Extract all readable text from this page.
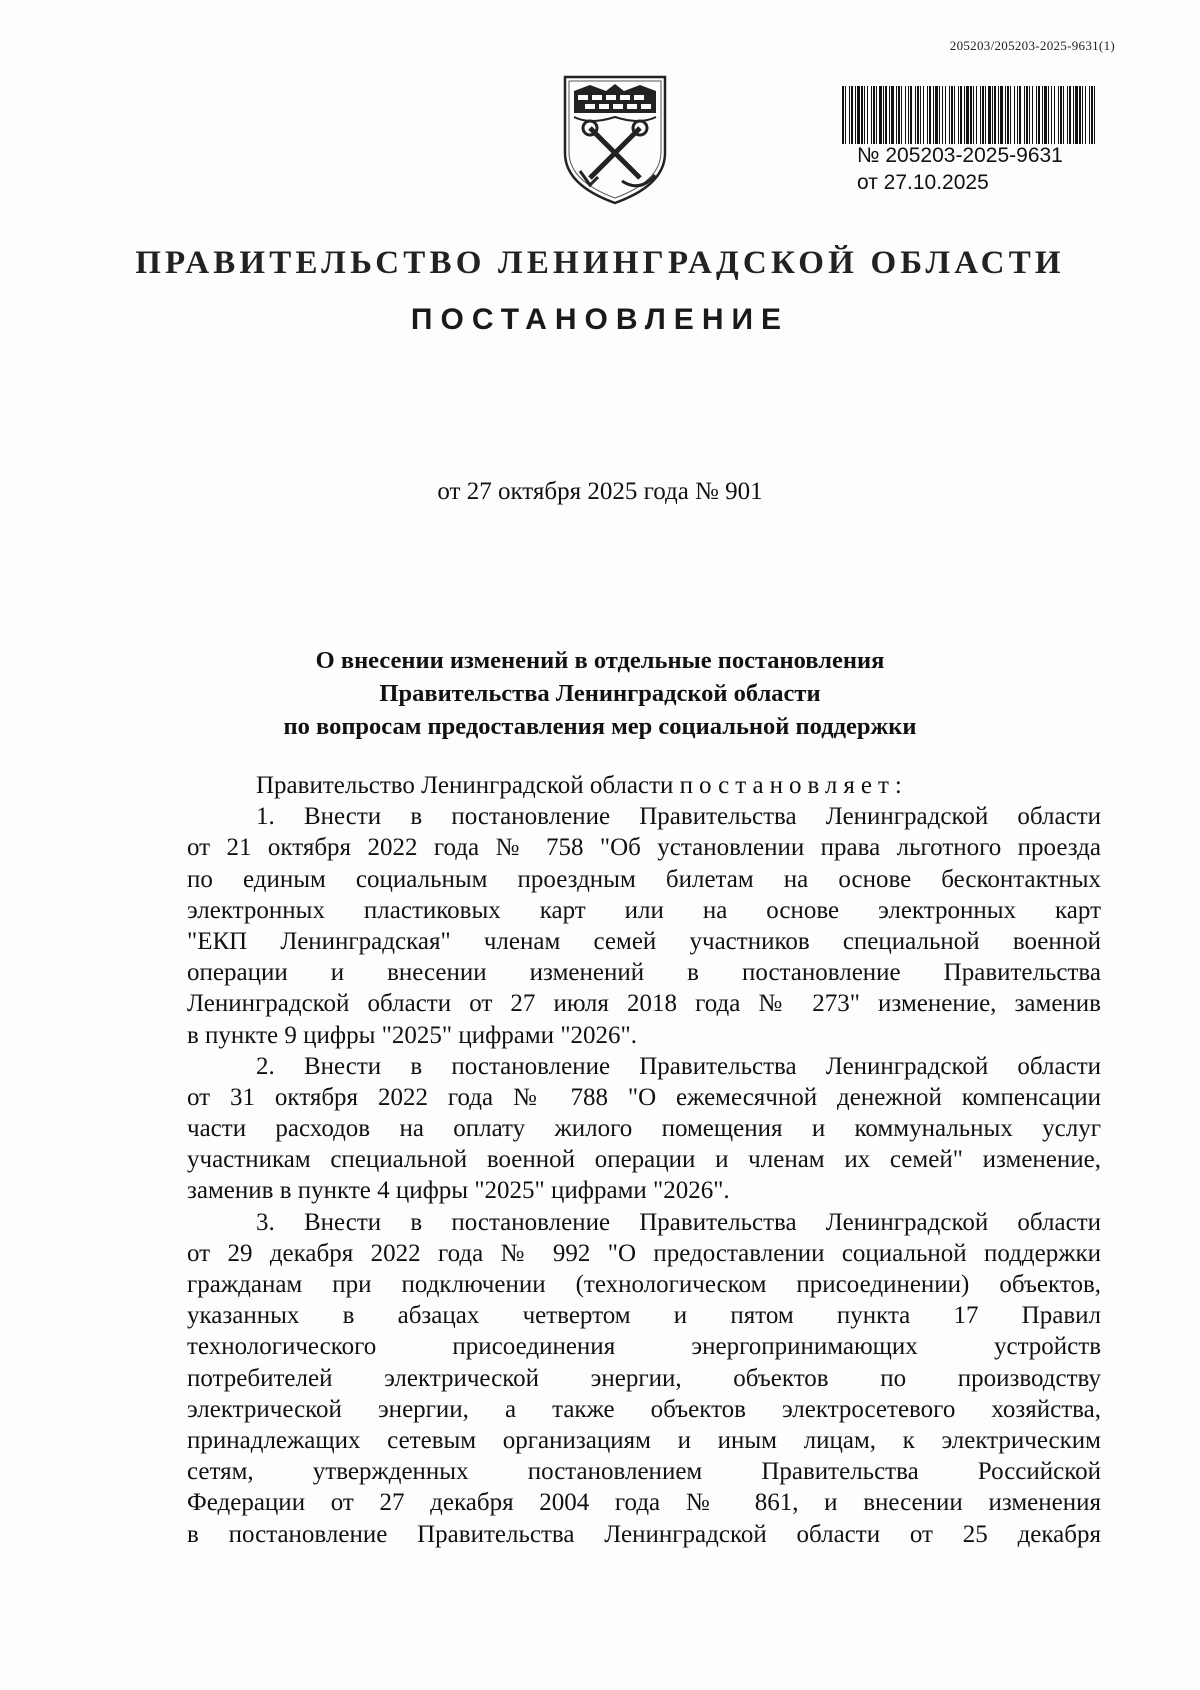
205203/205203-2025-9631(1)
№ 205203-2025-9631
от 27.10.2025
ПРАВИТЕЛЬСТВО ЛЕНИНГРАДСКОЙ ОБЛАСТИ
ПОСТАНОВЛЕНИЕ
от 27 октября 2025 года № 901
О внесении изменений в отдельные постановления
Правительства Ленинградской области
по вопросам предоставления мер социальной поддержки
Правительство Ленинградской области постановляет:
1. Внести в постановление Правительства Ленинградской области
от 21 октября 2022 года № 758 "Об установлении права льготного проезда
по единым социальным проездным билетам на основе бесконтактных
электронных пластиковых карт или на основе электронных карт
"ЕКП Ленинградская" членам семей участников специальной военной
операции и внесении изменений в постановление Правительства
Ленинградской области от 27 июля 2018 года № 273" изменение, заменив
в пункте 9 цифры "2025" цифрами "2026".
2. Внести в постановление Правительства Ленинградской области
от 31 октября 2022 года № 788 "О ежемесячной денежной компенсации
части расходов на оплату жилого помещения и коммунальных услуг
участникам специальной военной операции и членам их семей" изменение,
заменив в пункте 4 цифры "2025" цифрами "2026".
3. Внести в постановление Правительства Ленинградской области
от 29 декабря 2022 года № 992 "О предоставлении социальной поддержки
гражданам при подключении (технологическом присоединении) объектов,
указанных в абзацах четвертом и пятом пункта 17 Правил
технологического присоединения энергопринимающих устройств
потребителей электрической энергии, объектов по производству
электрической энергии, а также объектов электросетевого хозяйства,
принадлежащих сетевым организациям и иным лицам, к электрическим
сетям, утвержденных постановлением Правительства Российской
Федерации от 27 декабря 2004 года № 861, и внесении изменения
в постановление Правительства Ленинградской области от 25 декабря
